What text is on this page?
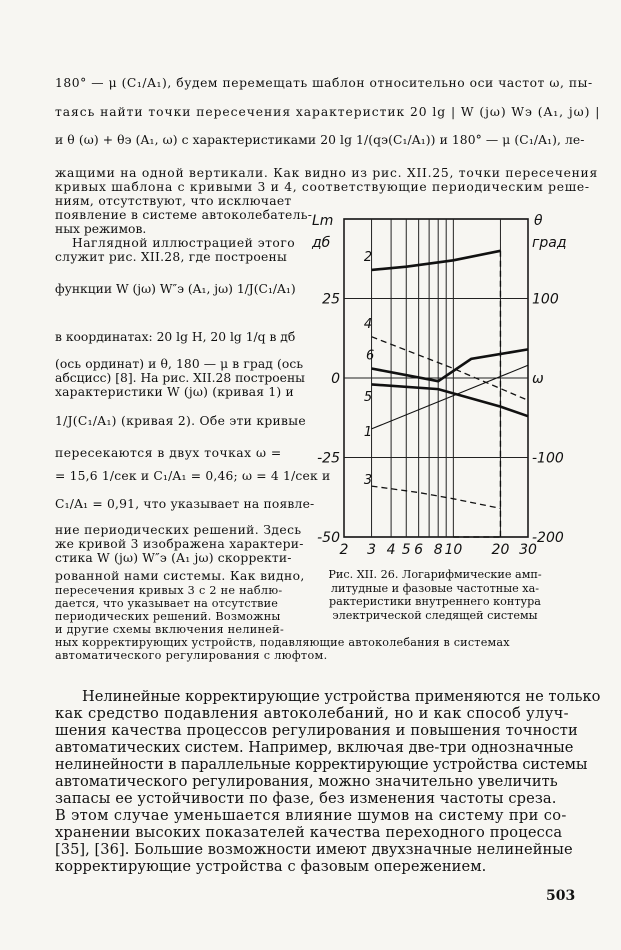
180° — μ (C₁/A₁), будем перемещать шаблон относительно оси частот ω, пы-
таясь найти точки пересечения характеристик 20 lg | W (jω) Wэ (A₁, jω) |
и θ (ω) + θэ (A₁, ω) с характеристиками 20 lg 1/(qэ(C₁/A₁)) и 180° — μ (C₁/A₁), ле-
жащими на одной вертикали. Как видно из рис. XII.25, точки пересечения
кривых шаблона с кривыми 3 и 4, соответствующие периодическим реше-
ниям, отсутствуют, что исключает
появление в системе автоколебатель-
ных режимов.
Наглядной иллюстрацией этого
служит рис. XII.28, где построены
функции W (jω) W″э (A₁, jω) 1/J(C₁/A₁)
в координатах: 20 lg H, 20 lg 1/q в дб
(ось ординат) и θ, 180 — μ в град (ось
абсцисс) [8]. На рис. XII.28 построены
характеристики W (jω) (кривая 1) и
1/J(C₁/A₁) (кривая 2). Обе эти кривые
пересекаются в двух точках ω =
= 15,6 1/сек и C₁/A₁ = 0,46; ω = 4 1/сек и
C₁/A₁ = 0,91, что указывает на появле-
ние периодических решений. Здесь
же кривой 3 изображена характери-
стика W (jω) W″э (A₁ jω) скорректи-
рованной нами системы. Как видно,
пересечения кривых 3 с 2 не наблю-
дается, что указывает на отсутствие
периодических решений. Возможны
и другие схемы включения нелиней-
ных корректирующих устройств, подавляющие автоколебания в системах
автоматического регулирования с люфтом.
1
2
3
4
5
6
Lm
дб
25
0
-25
-50
θ
град
100
ω
-100
-200
2 3 4 5 6 8 10 20 30
Рис. XII. 26. Логарифмические амп-
литудные и фазовые частотные ха-
рактеристики внутреннего контура
электрической следящей системы
Нелинейные корректирующие устройства применяются не только
как средство подавления автоколебаний, но и как способ улуч-
шения качества процессов регулирования и повышения точности
автоматических систем. Например, включая две-три однозначные
нелинейности в параллельные корректирующие устройства системы
автоматического регулирования, можно значительно увеличить
запасы ее устойчивости по фазе, без изменения частоты среза.
В этом случае уменьшается влияние шумов на систему при со-
хранении высоких показателей качества переходного процесса
[35], [36]. Большие возможности имеют двухзначные нелинейные
корректирующие устройства с фазовым опережением.
503
